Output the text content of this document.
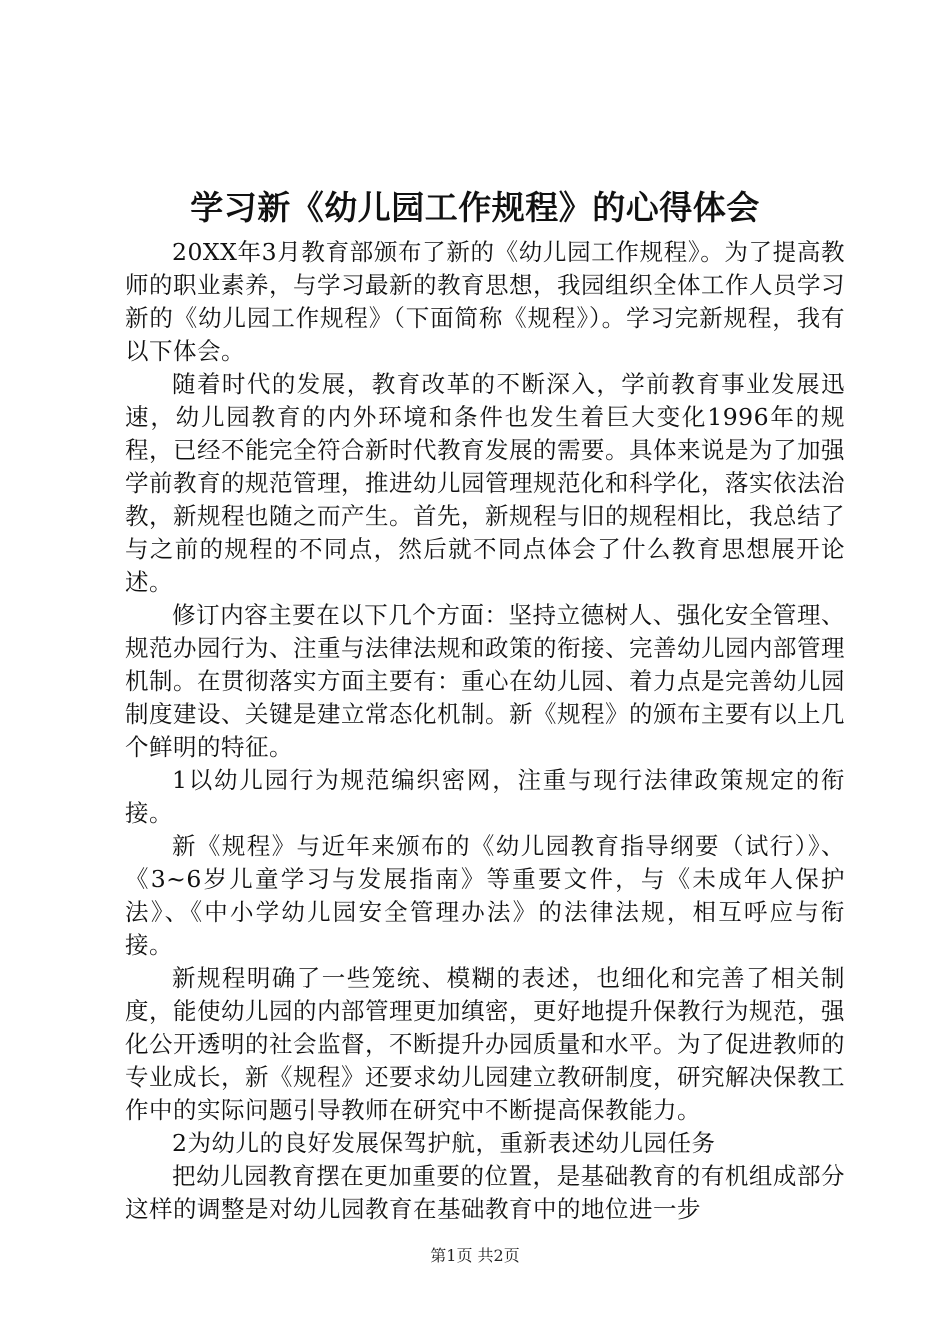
学习新《幼儿园工作规程》的心得体会

20XX年3月教育部颁布了新的《幼儿园工作规程》。为了提高教师的职业素养，与学习最新的教育思想，我园组织全体工作人员学习新的《幼儿园工作规程》（下面简称《规程》）。学习完新规程，我有以下体会。

随着时代的发展，教育改革的不断深入，学前教育事业发展迅速，幼儿园教育的内外环境和条件也发生着巨大变化1996年的规程，已经不能完全符合新时代教育发展的需要。具体来说是为了加强学前教育的规范管理，推进幼儿园管理规范化和科学化，落实依法治教，新规程也随之而产生。首先，新规程与旧的规程相比，我总结了与之前的规程的不同点，然后就不同点体会了什么教育思想展开论述。

修订内容主要在以下几个方面：坚持立德树人、强化安全管理、规范办园行为、注重与法律法规和政策的衔接、完善幼儿园内部管理机制。在贯彻落实方面主要有：重心在幼儿园、着力点是完善幼儿园制度建设、关键是建立常态化机制。新《规程》的颁布主要有以上几个鲜明的特征。

1以幼儿园行为规范编织密网，注重与现行法律政策规定的衔接。

新《规程》与近年来颁布的《幼儿园教育指导纲要（试行）》、《3~6岁儿童学习与发展指南》等重要文件，与《未成年人保护法》、《中小学幼儿园安全管理办法》的法律法规，相互呼应与衔接。

新规程明确了一些笼统、模糊的表述，也细化和完善了相关制度，能使幼儿园的内部管理更加缜密，更好地提升保教行为规范，强化公开透明的社会监督，不断提升办园质量和水平。为了促进教师的专业成长，新《规程》还要求幼儿园建立教研制度，研究解决保教工作中的实际问题引导教师在研究中不断提高保教能力。

2为幼儿的良好发展保驾护航，重新表述幼儿园任务

把幼儿园教育摆在更加重要的位置，是基础教育的有机组成部分这样的调整是对幼儿园教育在基础教育中的地位进一步

第1页 共2页
